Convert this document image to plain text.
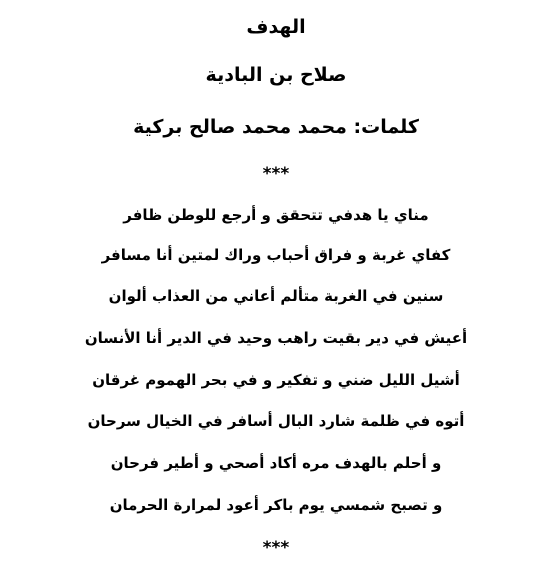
الهدف
صلاح بن البادية
كلمات: محمد محمد صالح بركية
***
مناي يا هدفي تتحقق و أرجع للوطن ظافر
كفاي غربة و فراق أحباب وراك لمتين أنا مسافر
سنين في الغربة متألم أعاني من العذاب ألوان
أعيش في دير بقيت راهب وحيد في الدير أنا الأنسان
أشيل الليل ضني و تفكير و في بحر الهموم غرقان
أتوه في ظلمة شارد البال أسافر في الخيال سرحان
و أحلم بالهدف مره أكاد أصحي و أطير فرحان
و تصبح شمسي يوم باكر أعود لمرارة الحرمان
***
